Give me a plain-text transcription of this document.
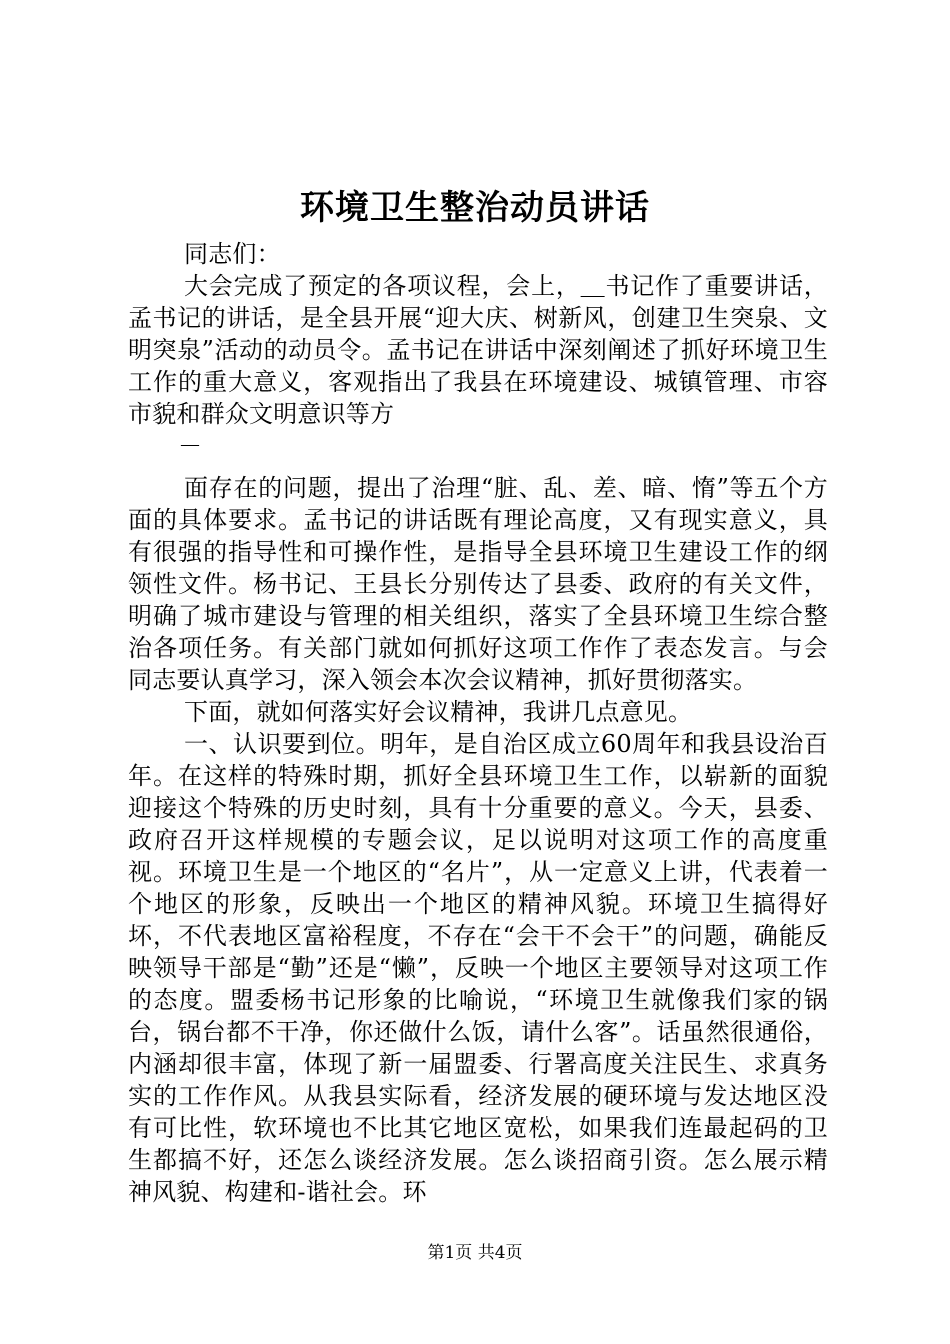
环境卫生整治动员讲话

同志们：

大会完成了预定的各项议程，会上，＿书记作了重要讲话，孟书记的讲话，是全县开展“迎大庆、树新风，创建卫生突泉、文明突泉”活动的动员令。孟书记在讲话中深刻阐述了抓好环境卫生工作的重大意义，客观指出了我县在环境建设、城镇管理、市容市貌和群众文明意识等方

－

面存在的问题，提出了治理“脏、乱、差、暗、惰”等五个方面的具体要求。孟书记的讲话既有理论高度，又有现实意义，具有很强的指导性和可操作性，是指导全县环境卫生建设工作的纲领性文件。杨书记、王县长分别传达了县委、政府的有关文件，明确了城市建设与管理的相关组织，落实了全县环境卫生综合整治各项任务。有关部门就如何抓好这项工作作了表态发言。与会同志要认真学习，深入领会本次会议精神，抓好贯彻落实。

下面，就如何落实好会议精神，我讲几点意见。

一、认识要到位。明年，是自治区成立60周年和我县设治百年。在这样的特殊时期，抓好全县环境卫生工作，以崭新的面貌迎接这个特殊的历史时刻，具有十分重要的意义。今天，县委、政府召开这样规模的专题会议，足以说明对这项工作的高度重视。环境卫生是一个地区的“名片”，从一定意义上讲，代表着一个地区的形象，反映出一个地区的精神风貌。环境卫生搞得好坏，不代表地区富裕程度，不存在“会干不会干”的问题，确能反映领导干部是“勤”还是“懒”，反映一个地区主要领导对这项工作的态度。盟委杨书记形象的比喻说，“环境卫生就像我们家的锅台，锅台都不干净，你还做什么饭，请什么客”。话虽然很通俗，内涵却很丰富，体现了新一届盟委、行署高度关注民生、求真务实的工作作风。从我县实际看，经济发展的硬环境与发达地区没有可比性，软环境也不比其它地区宽松，如果我们连最起码的卫生都搞不好，还怎么谈经济发展。怎么谈招商引资。怎么展示精神风貌、构建和-谐社会。环

第1页 共4页
